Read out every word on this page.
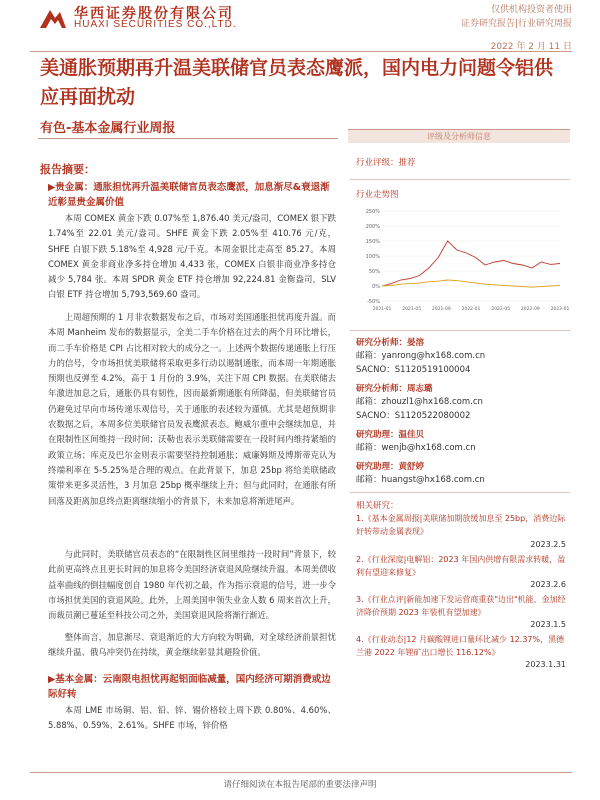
华西证券股份有限公司
HUAXI SECURITIES CO.,LTD.
仅供机构投资者使用
证券研究报告|行业研究周报
2022 年 2 月 11 日
美通胀预期再升温美联储官员表态鹰派，国内电力问题令铝供应再面扰动
有色-基本金属行业周报
评级及分析师信息
行业评级：推荐
行业走势图
250%
200%
150%
100%
50%
0%
-50%
2021-01 2021-05 2021-09 2022-01 2022-05 2022-09 2023-01
研究分析师：晏溶
邮箱：yanrong@hx168.com.cn
SACNO：S1120519100004
研究分析师：周志璐
邮箱：zhouzl1@hx168.com.cn
SACNO：S1120522080002
研究助理：温佳贝
邮箱：wenjb@hx168.com.cn
研究助理：黄舒婷
邮箱：huangst@hx168.com.cn
相关研究：
1.《基本金属周报|美联储加期放缓加息至 25bp，消费边际好转带动金属表现》
2023.2.5
2.《行业深度|电解铝：2023 年国内供增有限需求转暖，盈利有望迎来修复》
2023.2.6
3.《行业点评|新能加速下发运营商重获"边出"机能，金加经济降价预期 2023 年装机有望加速》
2023.1.5
4.《行业动态|12 月碳酸锂进口量环比减少 12.37%，黑德兰港 2022 年锂矿出口增长 116.12%》
2023.1.31
报告摘要：
▶贵金属：通胀担忧再升温美联储官员表态鹰派，加息渐尽&衰退渐近彰显贵金属价值
本周 COMEX 黄金下跌 0.07%至 1,876.40 美元/盎司，COMEX 银下跌 1.74%至 22.01 美元/盎司。SHFE 黄金下跌 2.05%至 410.76 元/克，SHFE 白银下跌 5.18%至 4,928 元/千克。本周金银比走高至 85.27。本周 COMEX 黄金非商业净多持仓增加 4,433 张，COMEX 白银非商业净多持仓减少 5,784 张。本周 SPDR 黄金 ETF 持仓增加 92,224.81 金衡盎司，SLV 白银 ETF 持仓增加 5,793,569.60 盎司。
上周超预期的 1 月非农数据发布之后，市场对美国通胀担忧再度升温。而本周 Manheim 发布的数据显示，全美二手车价格在过去的两个月环比增长，而二手车价格是 CPI 占比相对较大的成分之一。上述两个数据传递通胀上行压力的信号，令市场担忧美联储将采取更多行动以遏制通胀，而本周一年期通胀预期也反弹至 4.2%，高于 1 月份的 3.9%，关注下周 CPI 数据。在美联储去年激进加息之后，通胀仍具有韧性，因而最新期通胀有所降温，但美联储官员仍避免过早向市场传递乐观信号，关于通胀的表述较为谨慎。尤其是超预期非农数据之后，本周多位美联储官员发表鹰派表态。鲍威尔重申会继续加息，并在限制性区间维持一段时间；沃勒也表示美联储需要在一段时间内维持紧缩的政策立场；库克及巴尔金则表示需要坚持控制通胀；威廉姆斯及博斯蒂克认为终端利率在 5-5.25%是合理的观点。在此背景下，加息 25bp 将给美联储政策带来更多灵活性，3 月加息 25bp 概率继续上升；但与此同时，在通胀有所回落及距离加息终点距离继续缩小的背景下，未来加息将渐进尾声。
与此同时，美联储官员表态的“在限制性区间里维持一段时间”背景下，较此前更高终点且更长时间的加息将令美国经济衰退风险继续升温。本周美债收益率曲线的倒挂幅度创自 1980 年代初之最，作为指示衰退的信号，进一步令市场担忧美国的衰退风险。此外，上周美国申领失业金人数 6 周来首次上升，而裁员潮已蔓延至科技公司之外，美国衰退风险将渐行渐近。
整体而言，加息渐尽、衰退渐近的大方向较为明确，对全球经济前景担忧继续升温、俄乌冲突仍在持续，黄金继续彰显其避险价值。
▶基本金属：云南限电担忧再起铝面临减量，国内经济可期消费或边际好转
本周 LME 市场铜、铝、铅、锌、锡价格较上周下跌 0.80%、4.60%、5.88%、0.59%、2.61%。SHFE 市场，锌价格
请仔细阅读在本报告尾部的重要法律声明
